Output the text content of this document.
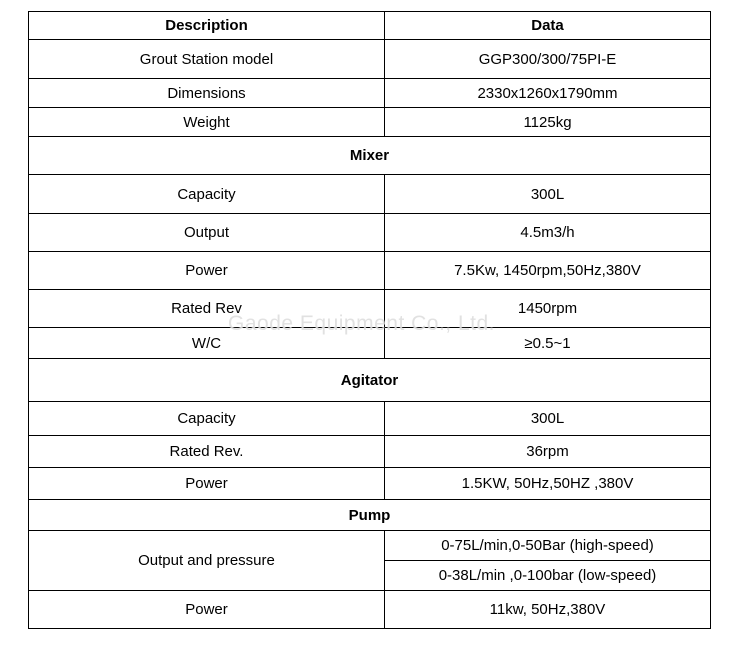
Description	Data
Grout Station model	GGP300/300/75PI-E
Dimensions	2330x1260x1790mm
Weight	1125kg
Mixer	
Capacity	300L
Output	4.5m3/h
Power	7.5Kw, 1450rpm,50Hz,380V
Rated Rev	1450rpm
W/C	≥0.5~1
Agitator	
Capacity	300L
Rated Rev.	36rpm
Power	1.5KW, 50Hz,50HZ ,380V
Pump	
Output and pressure	0-75L/min,0-50Bar (high-speed)
	0-38L/min ,0-100bar (low-speed)
Power	11kw, 50Hz,380V
Gaode Equipment Co., Ltd.
